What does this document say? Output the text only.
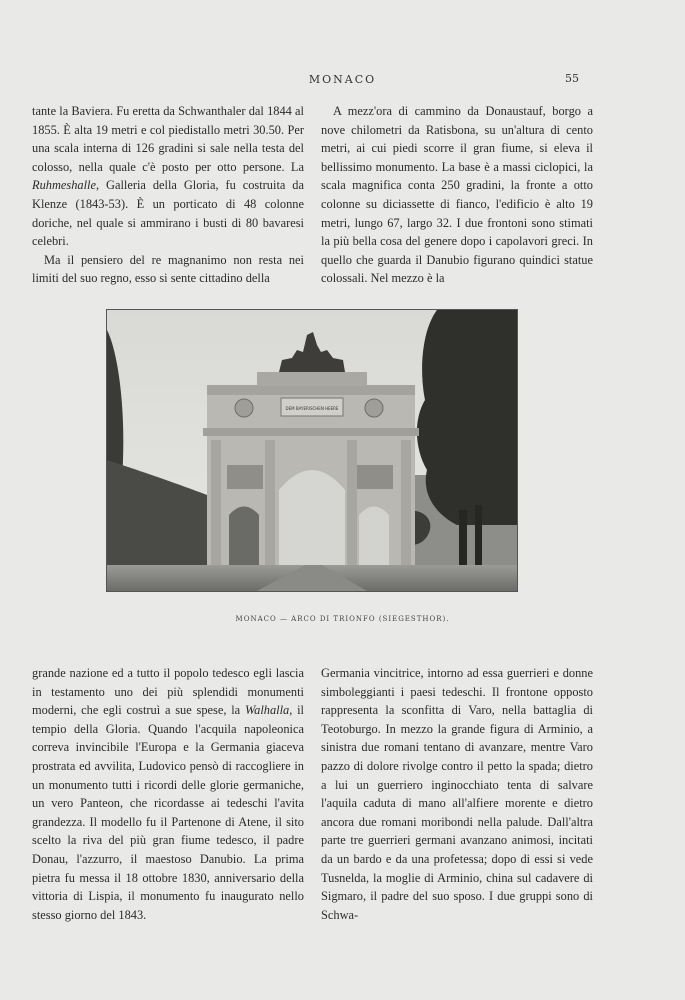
MONACO	55

tante la Baviera. Fu eretta da Schwanthaler dal 1844 al 1855. È alta 19 metri e col piedistallo metri 30.50. Per una scala interna di 126 gradini si sale nella testa del colosso, nella quale c'è posto per otto persone. La Ruhmeshalle, Galleria della Gloria, fu costruita da Klenze (1843-53). È un porticato di 48 colonne doriche, nel quale si ammirano i busti di 80 bavaresi celebri.

Ma il pensiero del re magnanimo non resta nei limiti del suo regno, esso si sente cittadino della

A mezz'ora di cammino da Donaustauf, borgo a nove chilometri da Ratisbona, su un'altura di cento metri, ai cui piedi scorre il gran fiume, si eleva il bellissimo monumento. La base è a massi ciclopici, la scala magnifica conta 250 gradini, la fronte a otto colonne su diciassette di fianco, l'edificio è alto 19 metri, lungo 67, largo 32. I due frontoni sono stimati la più bella cosa del genere dopo i capolavori greci. In quello che guarda il Danubio figurano quindici statue colossali. Nel mezzo è la

DEM BAYERISCHEN HEERE
MONACO — ARCO DI TRIONFO (SIEGESTHOR).

grande nazione ed a tutto il popolo tedesco egli lascia in testamento uno dei più splendidi monumenti moderni, che egli costruì a sue spese, la Walhalla, il tempio della Gloria. Quando l'acquila napoleonica correva invincibile l'Europa e la Germania giaceva prostrata ed avvilita, Ludovico pensò di raccogliere in un monumento tutti i ricordi delle glorie germaniche, un vero Panteon, che ricordasse ai tedeschi l'avita grandezza. Il modello fu il Partenone di Atene, il sito scelto la riva del più gran fiume tedesco, il padre Donau, l'azzurro, il maestoso Danubio. La prima pietra fu messa il 18 ottobre 1830, anniversario della vittoria di Lispia, il monumento fu inaugurato nello stesso giorno del 1843.

Germania vincitrice, intorno ad essa guerrieri e donne simboleggianti i paesi tedeschi. Il frontone opposto rappresenta la sconfitta di Varo, nella battaglia di Teotoburgo. In mezzo la grande figura di Arminio, a sinistra due romani tentano di avanzare, mentre Varo pazzo di dolore rivolge contro il petto la spada; dietro a lui un guerriero inginocchiato tenta di salvare l'aquila caduta di mano all'alfiere morente e dietro ancora due romani moribondi nella palude. Dall'altra parte tre guerrieri germani avanzano animosi, incitati da un bardo e da una profetessa; dopo di essi si vede Tusnelda, la moglie di Arminio, china sul cadavere di Sigmaro, il padre del suo sposo. I due gruppi sono di Schwa-
